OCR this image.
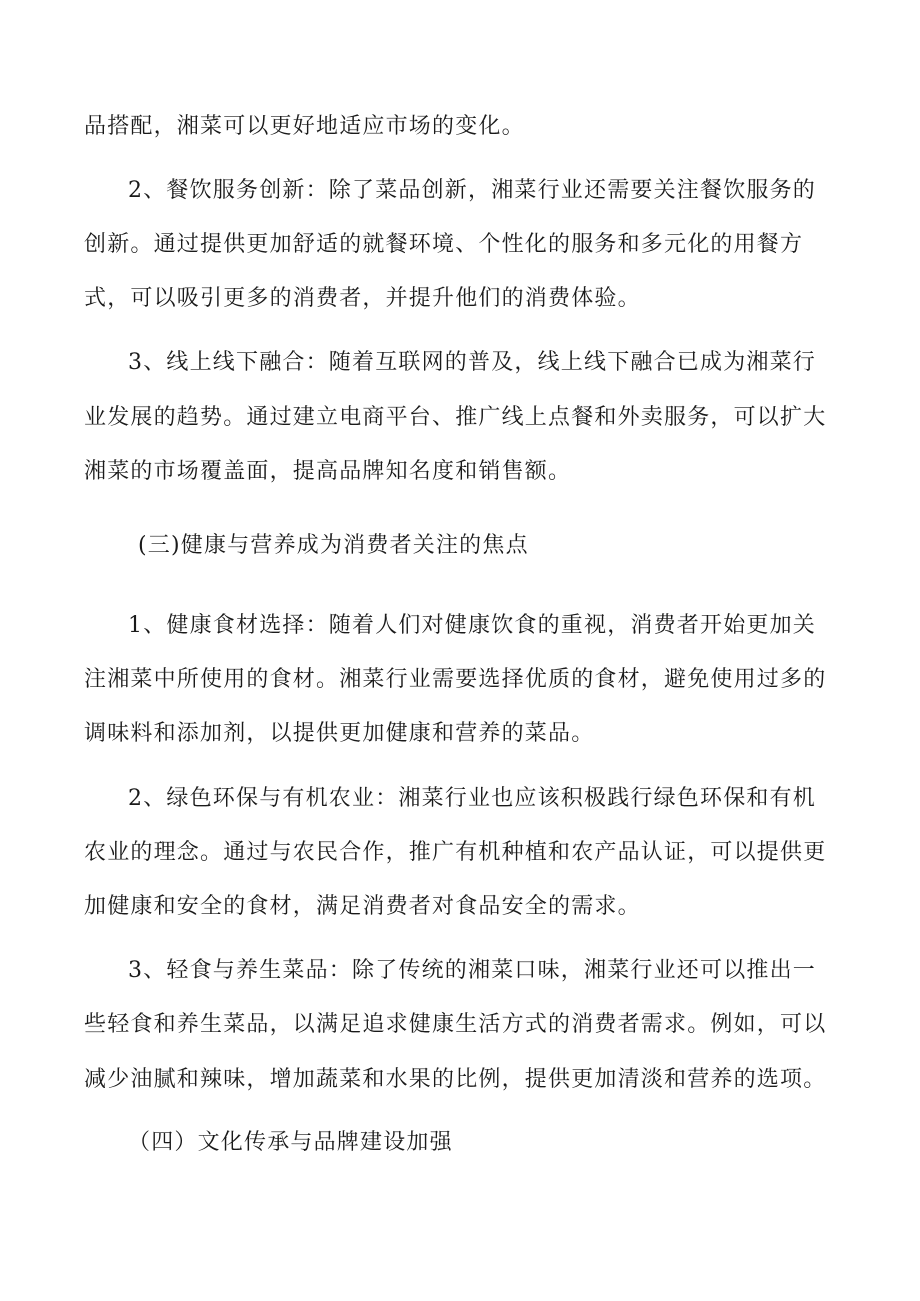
品搭配，湘菜可以更好地适应市场的变化。
2、餐饮服务创新：除了菜品创新，湘菜行业还需要关注餐饮服务的
创新。通过提供更加舒适的就餐环境、个性化的服务和多元化的用餐方
式，可以吸引更多的消费者，并提升他们的消费体验。
3、线上线下融合：随着互联网的普及，线上线下融合已成为湘菜行
业发展的趋势。通过建立电商平台、推广线上点餐和外卖服务，可以扩大
湘菜的市场覆盖面，提高品牌知名度和销售额。
(三)健康与营养成为消费者关注的焦点
1、健康食材选择：随着人们对健康饮食的重视，消费者开始更加关
注湘菜中所使用的食材。湘菜行业需要选择优质的食材，避免使用过多的
调味料和添加剂，以提供更加健康和营养的菜品。
2、绿色环保与有机农业：湘菜行业也应该积极践行绿色环保和有机
农业的理念。通过与农民合作，推广有机种植和农产品认证，可以提供更
加健康和安全的食材，满足消费者对食品安全的需求。
3、轻食与养生菜品：除了传统的湘菜口味，湘菜行业还可以推出一
些轻食和养生菜品，以满足追求健康生活方式的消费者需求。例如，可以
减少油腻和辣味，增加蔬菜和水果的比例，提供更加清淡和营养的选项。
（四）文化传承与品牌建设加强
